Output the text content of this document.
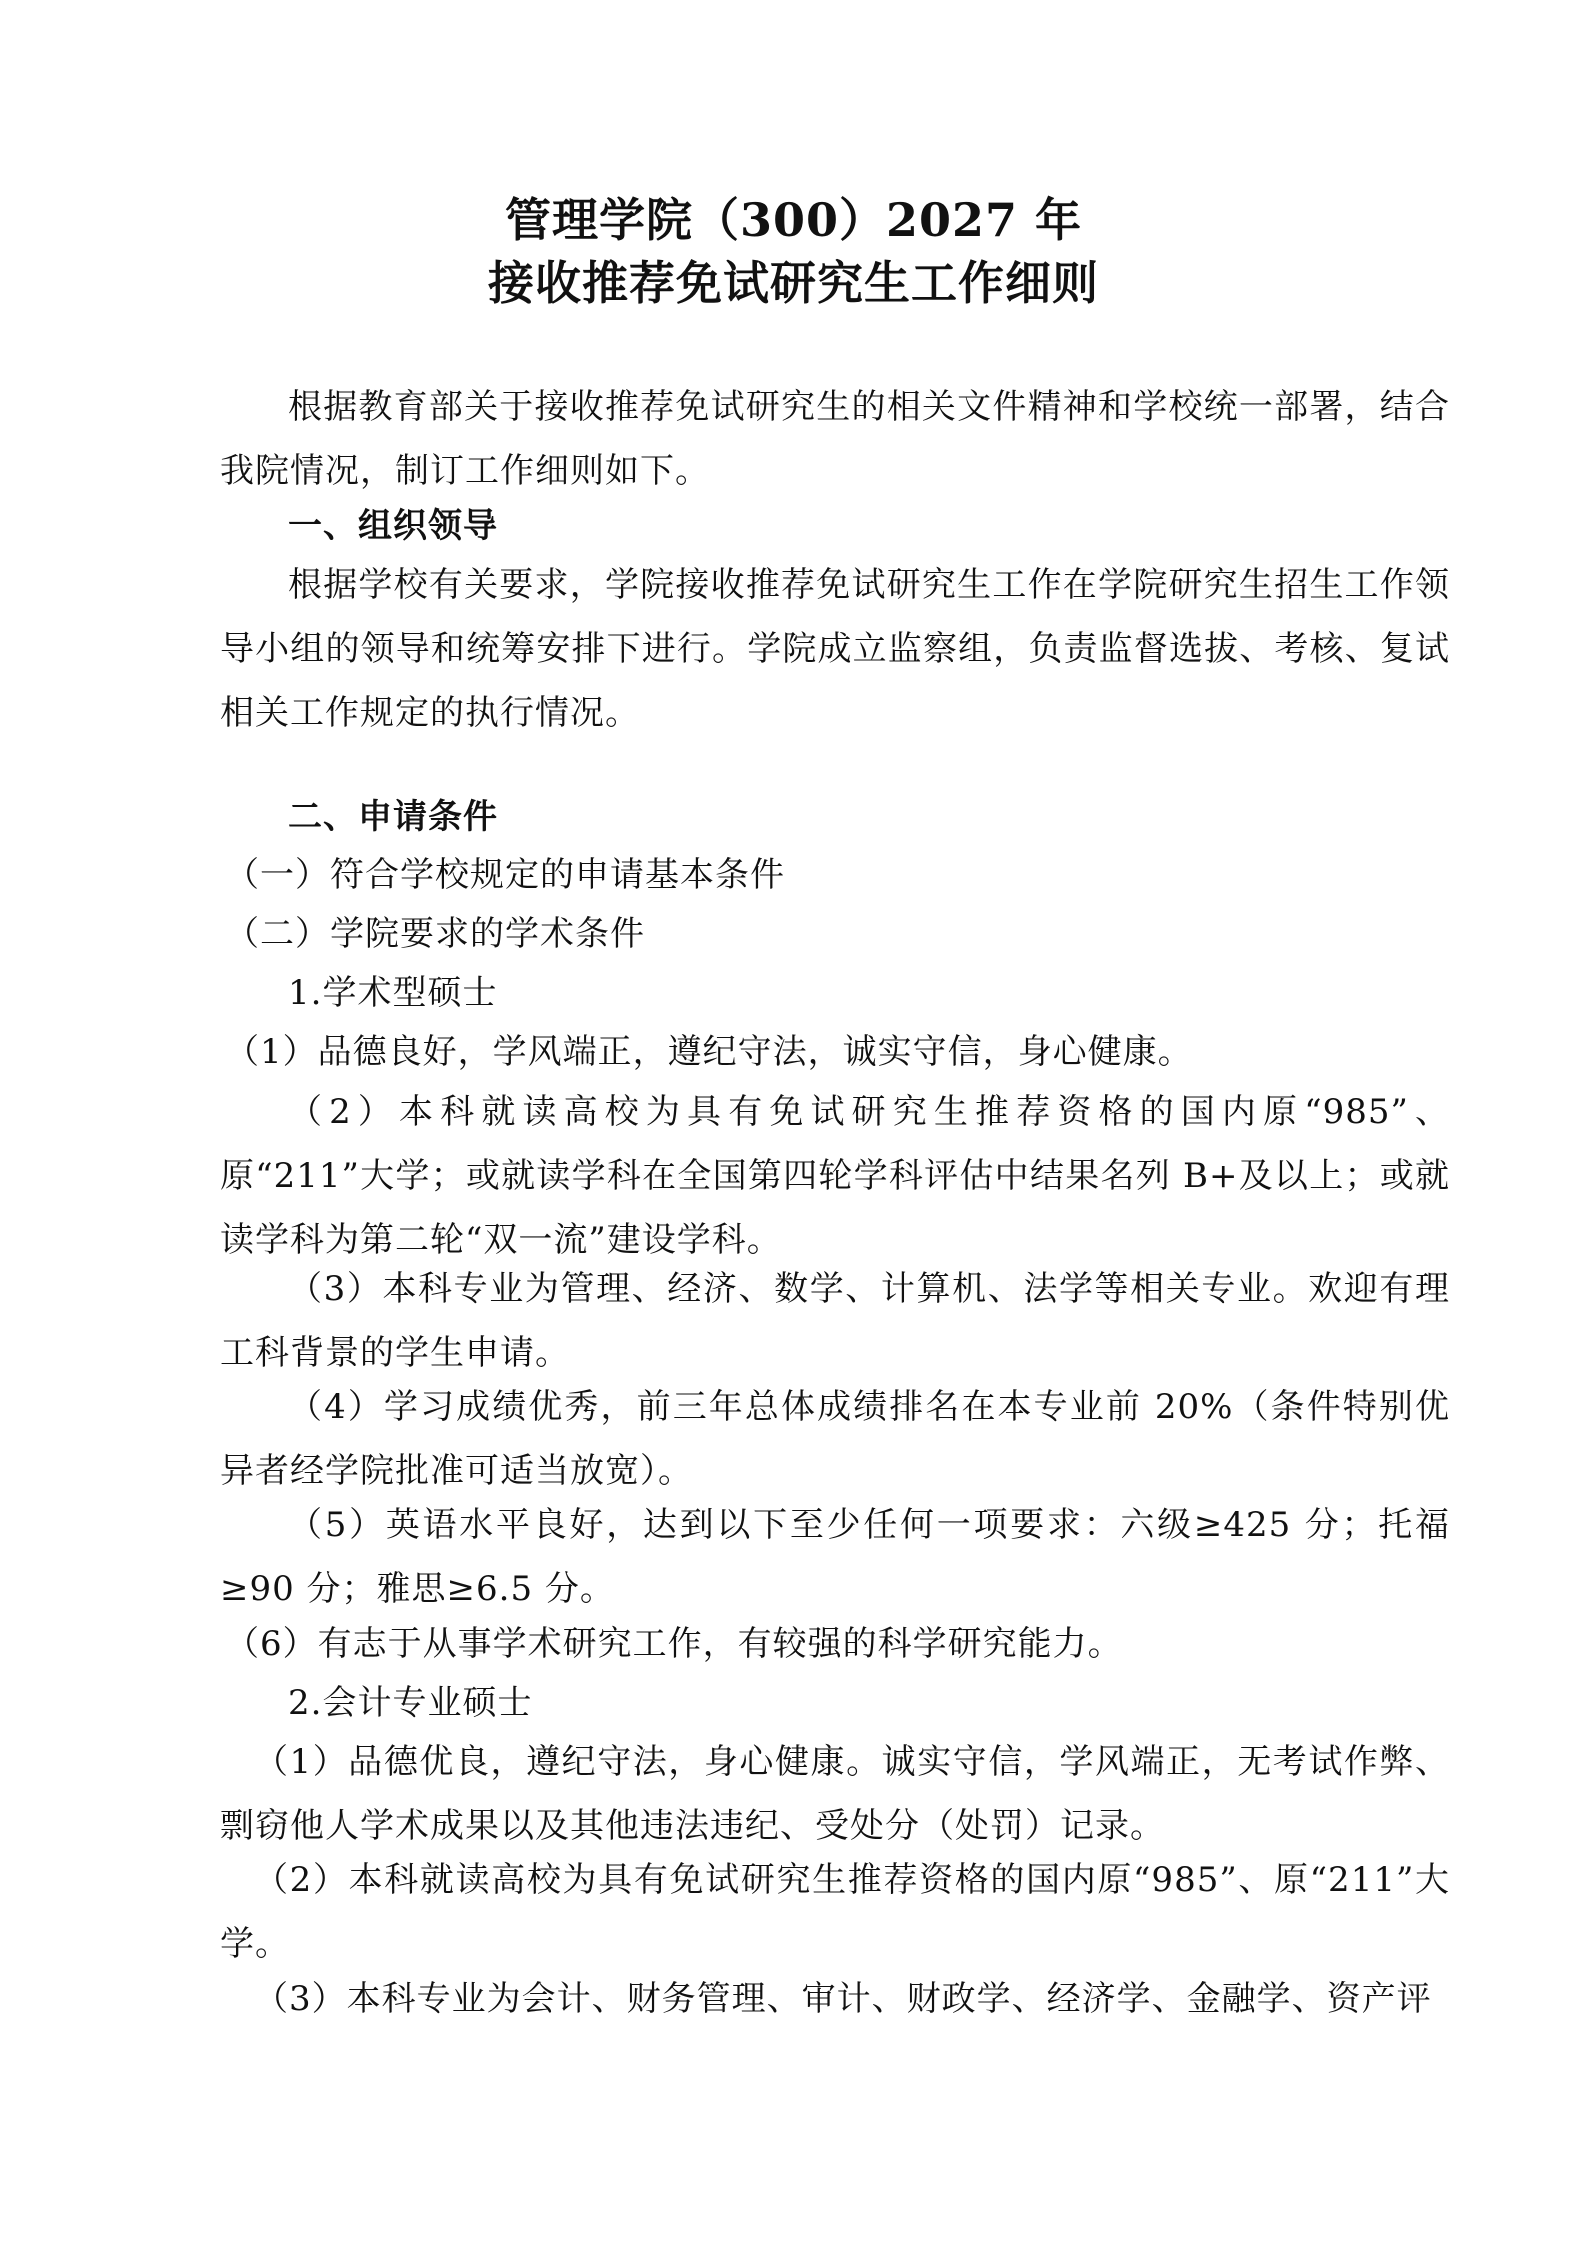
管理学院（300）2027 年
接收推荐免试研究生工作细则

根据教育部关于接收推荐免试研究生的相关文件精神和学校统一部署，结合我院情况，制订工作细则如下。

一、组织领导

根据学校有关要求，学院接收推荐免试研究生工作在学院研究生招生工作领导小组的领导和统筹安排下进行。学院成立监察组，负责监督选拔、考核、复试相关工作规定的执行情况。

二、申请条件

（一）符合学校规定的申请基本条件

（二）学院要求的学术条件

1.学术型硕士

（1）品德良好，学风端正，遵纪守法，诚实守信，身心健康。

（2）本科就读高校为具有免试研究生推荐资格的国内原“985”、原“211”大学；或就读学科在全国第四轮学科评估中结果名列 B+及以上；或就读学科为第二轮“双一流”建设学科。

（3）本科专业为管理、经济、数学、计算机、法学等相关专业。欢迎有理工科背景的学生申请。

（4）学习成绩优秀，前三年总体成绩排名在本专业前 20%（条件特别优异者经学院批准可适当放宽）。

（5）英语水平良好，达到以下至少任何一项要求：六级≥425 分；托福≥90 分；雅思≥6.5 分。

（6）有志于从事学术研究工作，有较强的科学研究能力。

2.会计专业硕士

（1）品德优良，遵纪守法，身心健康。诚实守信，学风端正，无考试作弊、剽窃他人学术成果以及其他违法违纪、受处分（处罚）记录。

（2）本科就读高校为具有免试研究生推荐资格的国内原“985”、原“211”大学。

（3）本科专业为会计、财务管理、审计、财政学、经济学、金融学、资产评
